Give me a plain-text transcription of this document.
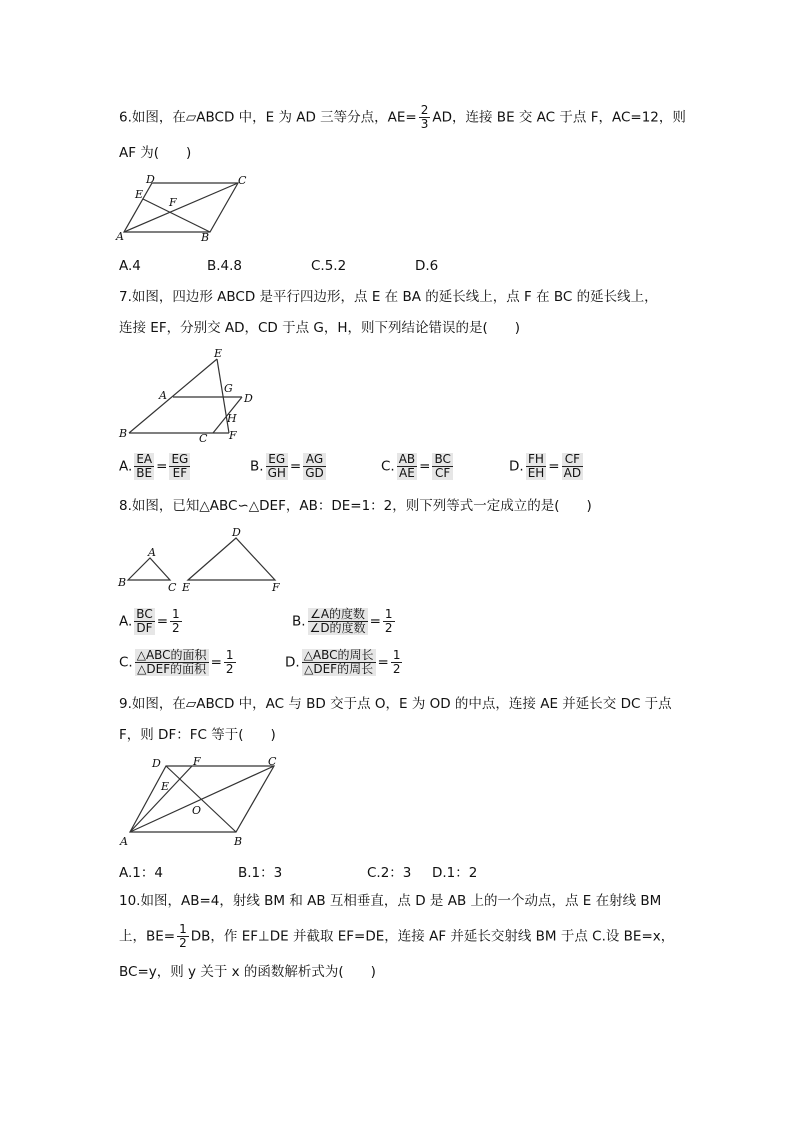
6.如图，在▱ABCD 中，E 为 AD 三等分点，$AE= \frac{2}{3}$ AD，连接 BE 交 AC 于点 F，AC=12，则
AF 为(　　)
A	B
C
D
E
F
A.4	B.4.8	C.5.2	D.6
7.如图，四边形 ABCD 是平行四边形，点 E 在 BA 的延长线上，点 F 在 BC 的延长线上，
连接 EF，分别交 AD，CD 于点 G，H，则下列结论错误的是(　　)
E
G
A	D
H
B	C F
A. $\frac{EA}{BE} = \frac{EG}{EF}$	B. $\frac{EG}{GH} = \frac{AG}{GD}$	C. $\frac{AB}{AE} = \frac{BC}{CF}$	D. $\frac{FH}{EH} = \frac{CF}{AD}$
8.如图，已知△ABC∽△DEF，AB：DE=1：2，则下列等式一定成立的是(　　)
A
B	C
D
E	F
A. $\frac{BC}{DF} = \frac{1}{2}$	B. $\frac{\text{∠A的度数}}{\text{∠D的度数}} = \frac{1}{2}$
C. $\frac{\text{△ABC的面积}}{\text{△DEF的面积}} = \frac{1}{2}$	D. $\frac{\text{△ABC的周长}}{\text{△DEF的周长}} = \frac{1}{2}$
9.如图，在▱ABCD 中，AC 与 BD 交于点 O，E 为 OD 的中点，连接 AE 并延长交 DC 于点
F，则 DF：FC 等于(　　)
D	F	C
E
O
A	B
A.1：4	B.1：3	C.2：3 D.1：2
10.如图，AB=4，射线 BM 和 AB 互相垂直，点 D 是 AB 上的一个动点，点 E 在射线 BM
上，$BE= \frac{1}{2}$ DB，作 EF⊥DE 并截取 EF=DE，连接 AF 并延长交射线 BM 于点 C.设 BE=x，
BC=y，则 y 关于 x 的函数解析式为(　　)
